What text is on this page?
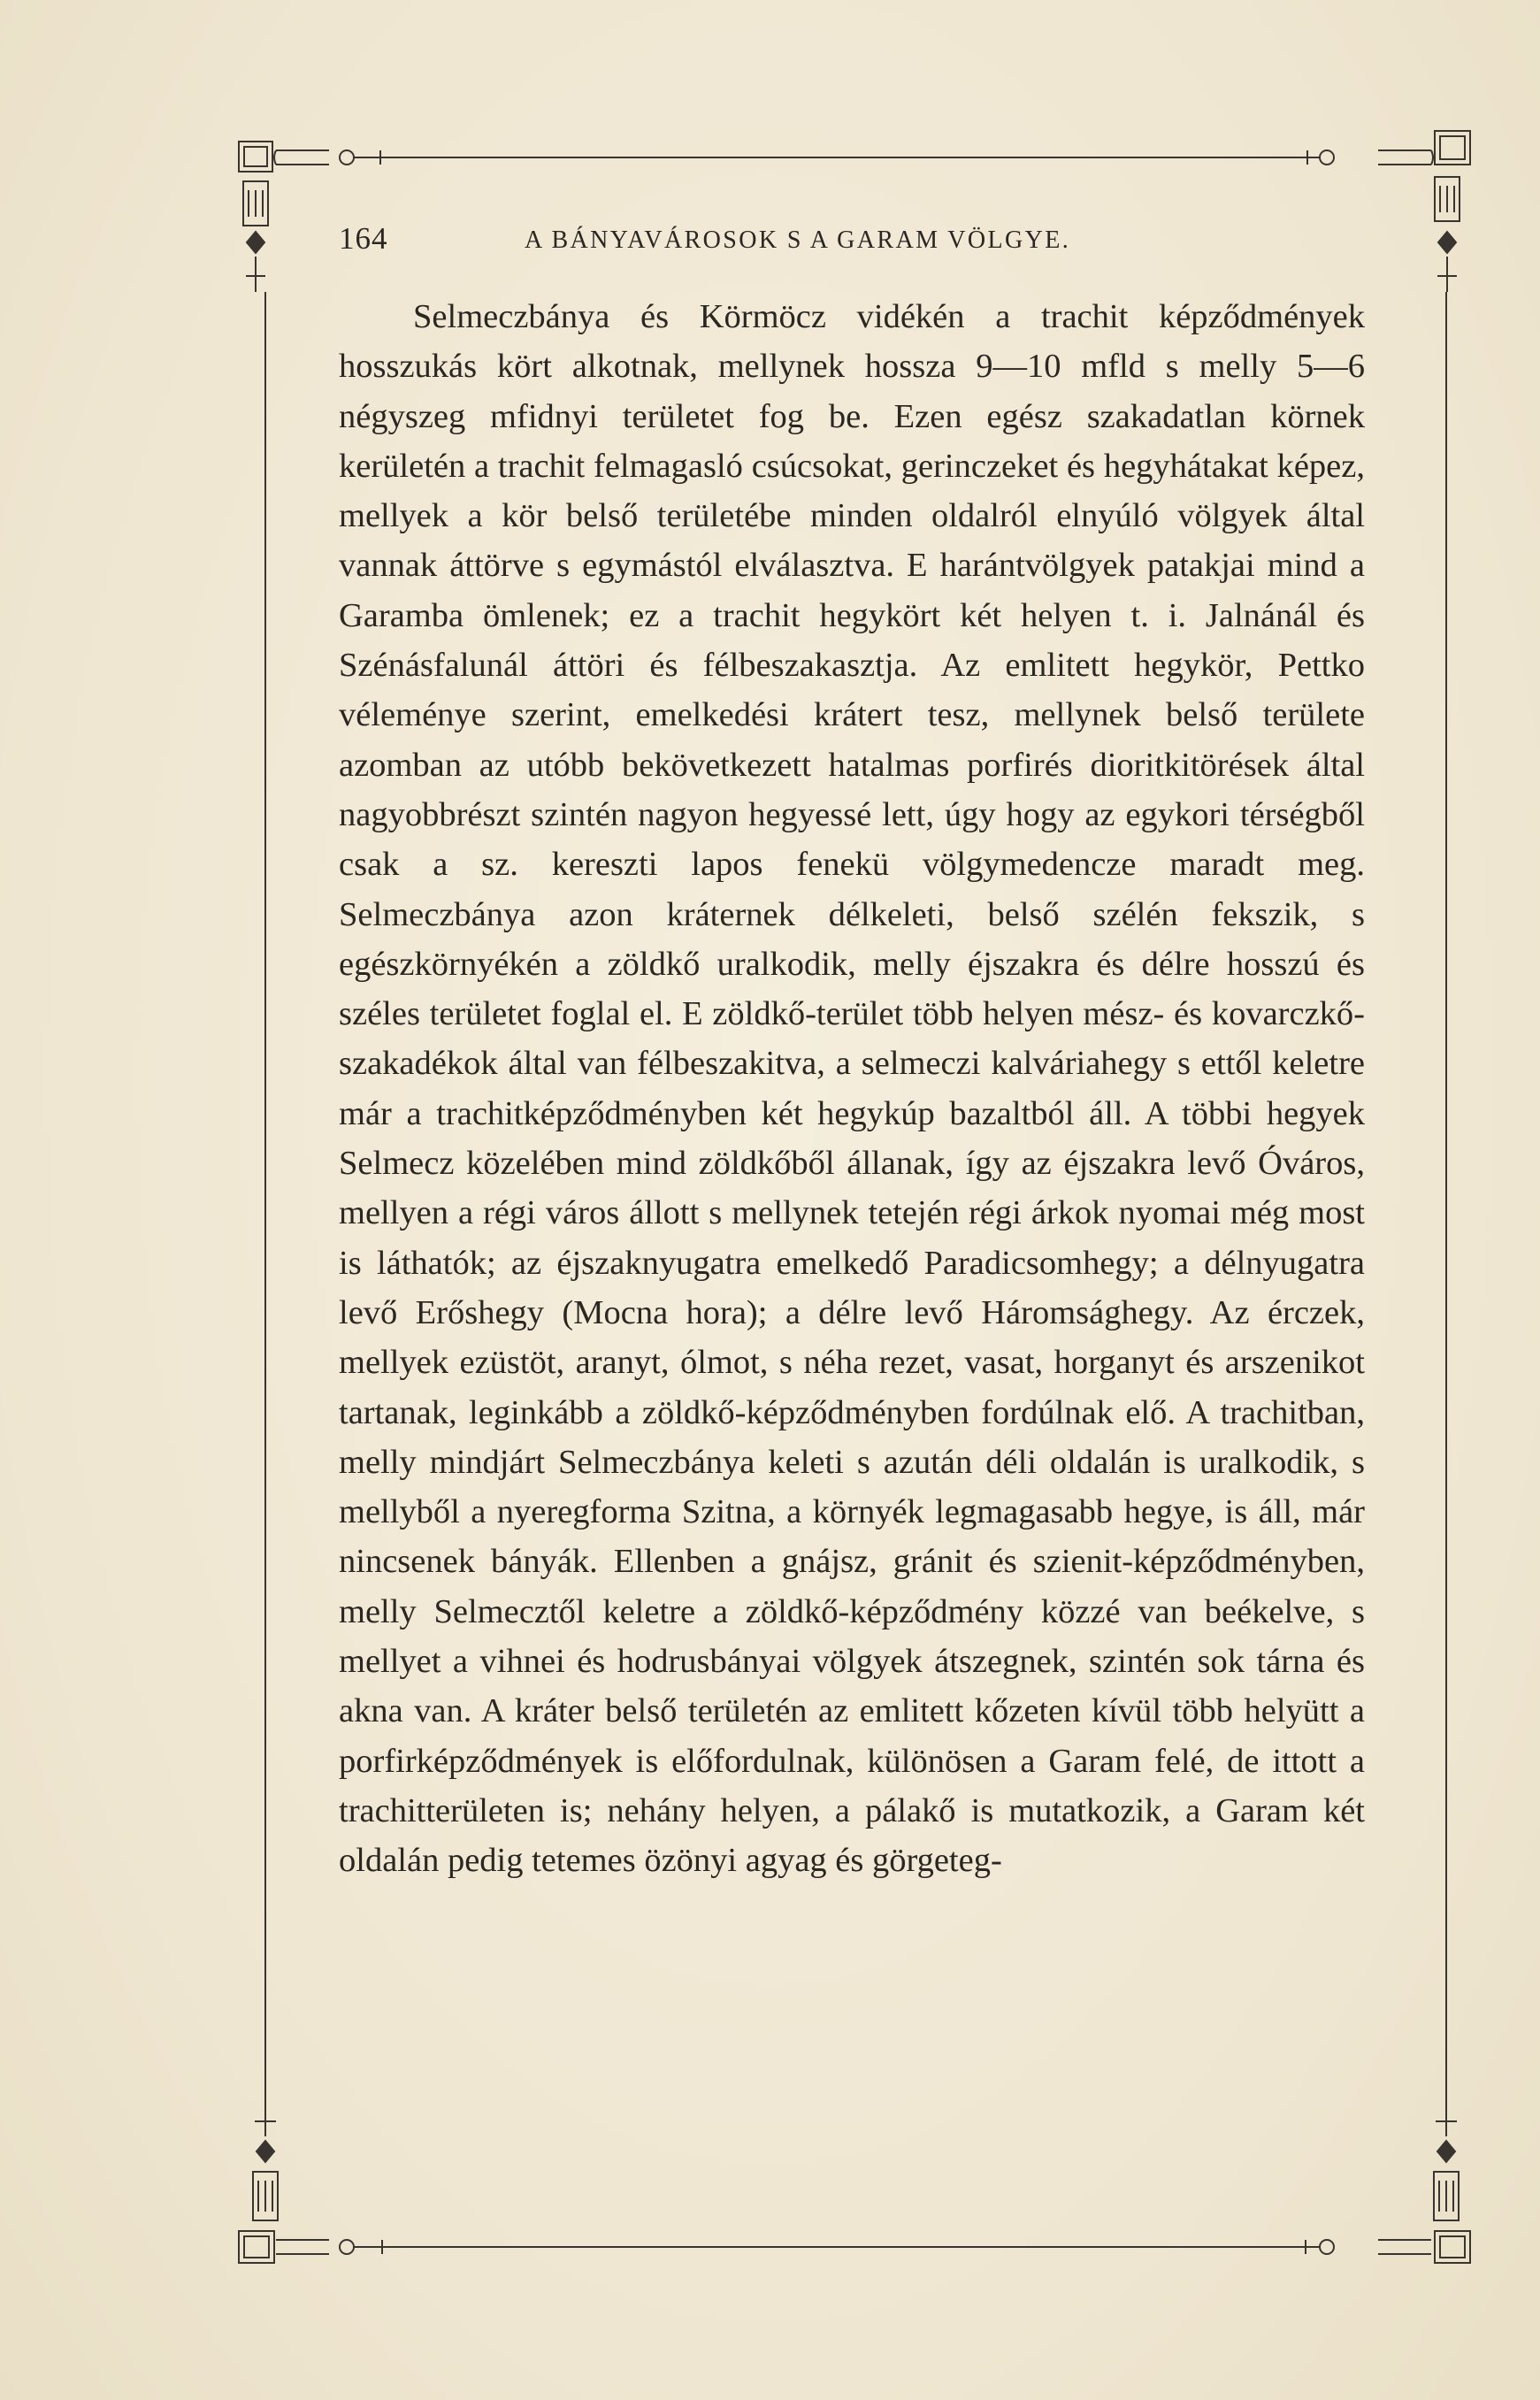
164	A BÁNYAVÁROSOK S A GARAM VÖLGYE.

Selmeczbánya és Körmöcz vidékén a trachit képződmények hosszukás kört alkotnak, mellynek hossza 9—10 mfld s melly 5—6 négyszeg mfidnyi területet fog be. Ezen egész szakadatlan körnek kerületén a trachit felmagasló csúcsokat, gerinczeket és hegyhátakat képez, mellyek a kör belső területébe minden oldalról elnyúló völgyek által vannak áttörve s egymástól elválasztva. E harántvölgyek patakjai mind a Garamba ömlenek; ez a trachit hegykört két helyen t. i. Jalnánál és Szénásfalunál áttöri és félbeszakasztja. Az emlitett hegykör, Pettko véleménye szerint, emelkedési krátert tesz, mellynek belső területe azomban az utóbb bekövetkezett hatalmas porfirés dioritkitörések által nagyobbrészt szintén nagyon hegyessé lett, úgy hogy az egykori térségből csak a sz. kereszti lapos fenekü völgymedencze maradt meg. Selmeczbánya azon kráternek délkeleti, belső szélén fekszik, s egészkörnyékén a zöldkő uralkodik, melly éjszakra és délre hosszú és széles területet foglal el. E zöldkő-terület több helyen mész- és kovarczkő-szakadékok által van félbeszakitva, a selmeczi kalváriahegy s ettől keletre már a trachitképződményben két hegykúp bazaltból áll. A többi hegyek Selmecz közelében mind zöldkőből állanak, így az éjszakra levő Óváros, mellyen a régi város állott s mellynek tetején régi árkok nyomai még most is láthatók; az éjszaknyugatra emelkedő Paradicsomhegy; a délnyugatra levő Erőshegy (Mocna hora); a délre levő Háromsághegy. Az érczek, mellyek ezüstöt, aranyt, ólmot, s néha rezet, vasat, horganyt és arszenikot tartanak, leginkább a zöldkő-képződményben fordúlnak elő. A trachitban, melly mindjárt Selmeczbánya keleti s azután déli oldalán is uralkodik, s mellyből a nyeregforma Szitna, a környék legmagasabb hegye, is áll, már nincsenek bányák. Ellenben a gnájsz, gránit és szienit-képződményben, melly Selmecztől keletre a zöldkő-képződmény közzé van beékelve, s mellyet a vihnei és hodrusbányai völgyek átszegnek, szintén sok tárna és akna van. A kráter belső területén az emlitett kőzeten kívül több helyütt a porfirképződmények is előfordulnak, különösen a Garam felé, de ittott a trachitterületen is; nehány helyen, a pálakő is mutatkozik, a Garam két oldalán pedig tetemes özönyi agyag és görgeteg-
